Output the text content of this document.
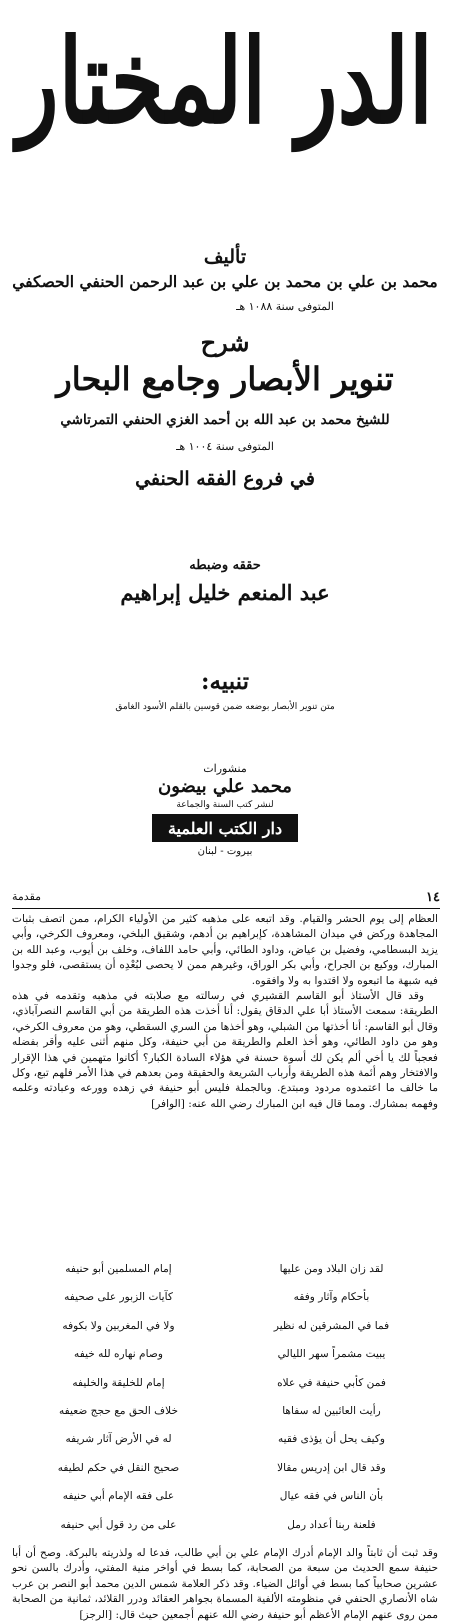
الدر المختار
تأليف
محمد بن علي بن محمد بن علي بن عبد الرحمن الحنفي الحصكفي
المتوفى سنة ١٠٨٨ هـ
شرح
تنوير الأبصار وجامع البحار
للشيخ محمد بن عبد الله بن أحمد الغزي الحنفي التمرتاشي
المتوفى سنة ١٠٠٤ هـ
في فروع الفقه الحنفي
حققه وضبطه
عبد المنعم خليل إبراهيم
تنبيه:
متن تنوير الأبصار بوضعه ضمن قوسين بالقلم الأسود الغامق
منشورات
محمد علي بيضون
لنشر كتب السنة والجماعة
دار الكتب العلمية
بيروت - لبنان
١٤
مقدمة

العظام إلى يوم الحشر والقيام. وقد اتبعه على مذهبه كثير من الأولياء الكرام، ممن اتصف بثبات المجاهدة وركض في ميدان المشاهدة، كإبراهيم بن أدهم، وشقيق البلخي، ومعروف الكرخي، وأبي يزيد البسطامي، وفضيل بن عياض، وداود الطائي، وأبي حامد اللفاف، وخلف بن أيوب، وعبد الله بن المبارك، ووكيع بن الجراح، وأبي بكر الوراق، وغيرهم ممن لا يحصى لبُعْدِه أن يستقصى، فلو وجدوا فيه شبهة ما اتبعوه ولا اقتدوا به ولا وافقوه.

وقد قال الأستاذ أبو القاسم القشيري في رسالته مع صلابته في مذهبه وتقدمه في هذه الطريقة: سمعت الأستاذ أبا علي الدقاق يقول: أنا أخذت هذه الطريقة من أبي القاسم النصرآباذي، وقال أبو القاسم: أنا أخذتها من الشبلي، وهو أخذها من السري السقطي، وهو من معروف الكرخي، وهو من داود الطائي، وهو أخذ العلم والطريقة من أبي حنيفة، وكل منهم أثنى عليه وأقر بفضله فعجباً لك يا أخي ألم يكن لك أسوة حسنة في هؤلاء السادة الكبار؟ أكانوا متهمين في هذا الإقرار والافتخار وهم أئمة هذه الطريقة وأرباب الشريعة والحقيقة ومن بعدهم في هذا الأمر فلهم تبع، وكل ما خالف ما اعتمدوه مردود ومبتدع. وبالجملة فليس أبو حنيفة في زهده وورعه وعبادته وعلمه وفهمه بمشارك. ومما قال فيه ابن المبارك رضي الله عنه: [الوافر]

لقد زان البلاد ومن عليها
إمام المسلمين أبو حنيفه
بأحكام وآثار وفقه
كآيات الزبور على صحيفه
فما في المشرقين له نظير
ولا في المغربين ولا بكوفه
يبيت مشمراً سهر الليالي
وصام نهاره لله خيفه
فمن كأبي حنيفة في علاه
إمام للخليقة والخليفه
رأيت العائبين له سفاها
خلاف الحق مع حجج ضعيفه
وكيف يحل أن يؤذى فقيه
له في الأرض آثار شريفه
وقد قال ابن إدريس مقالا
صحيح النقل في حكم لطيفه
بأن الناس في فقه عيال
على فقه الإمام أبي حنيفه
فلعنة ربنا أعداد رمل
على من رد قول أبي حنيفه
وقد ثبت أن ثابتاً والد الإمام أدرك الإمام علي بن أبي طالب، فدعا له ولذريته بالبركة. وصح أن أبا حنيفة سمع الحديث من سبعة من الصحابة، كما بسط في أواخر منية المفتي، وأدرك بالسن نحو عشرين صحابياً كما بسط في أوائل الضياء. وقد ذكر العلامة شمس الدين محمد أبو النصر بن عرب شاه الأنصاري الحنفي في منظومته الألفية المسماة بجواهر العقائد ودرر القلائد، ثمانية من الصحابة ممن روى عنهم الإمام الأعظم أبو حنيفة رضي الله عنهم أجمعين حيث قال: [الرجز]
